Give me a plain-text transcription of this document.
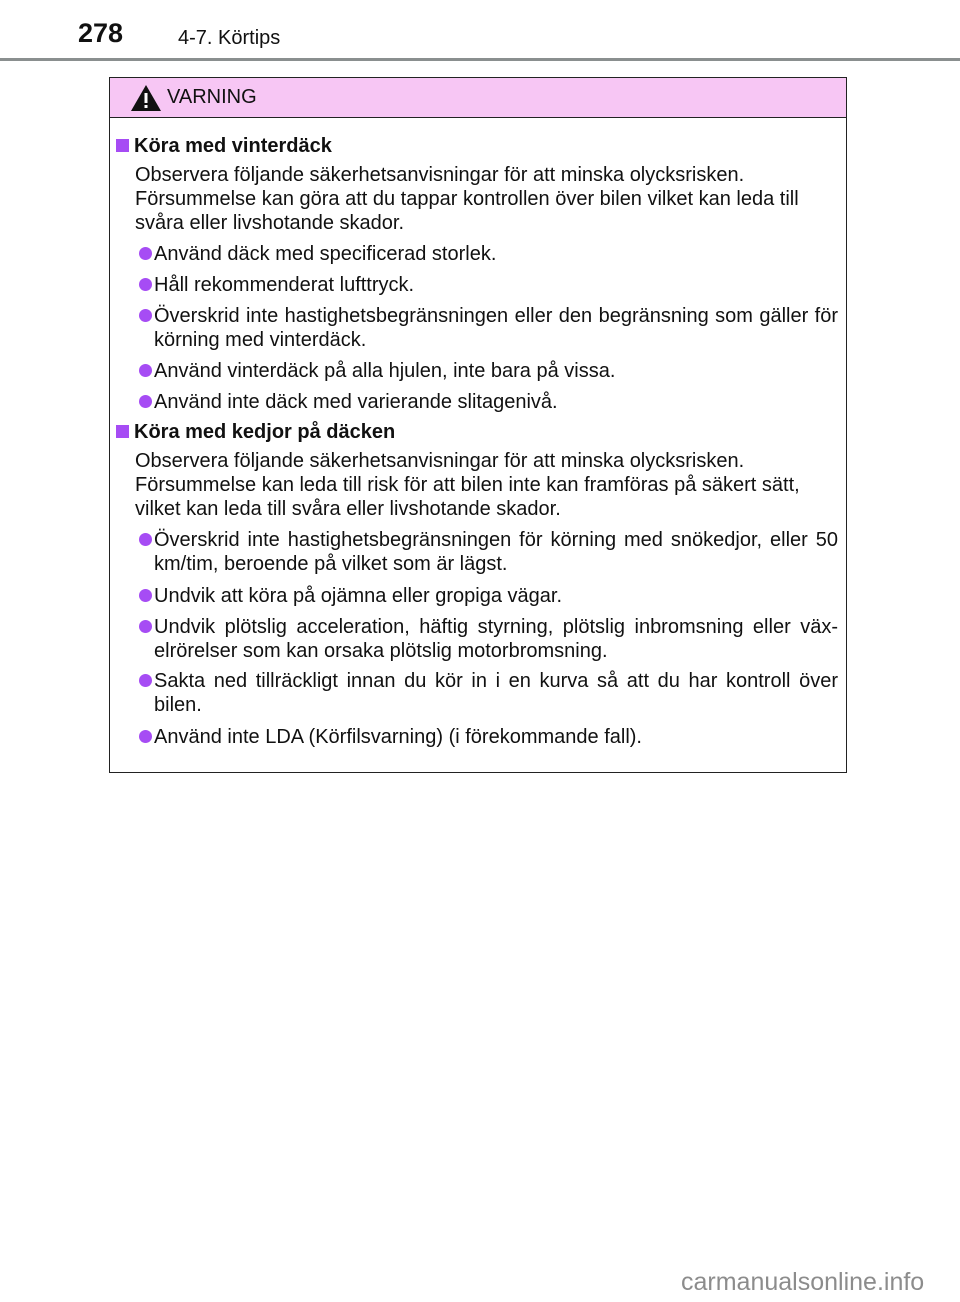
278	4-7. Körtips
VARNING
Köra med vinterdäck
Observera följande säkerhetsanvisningar för att minska olycksrisken. Försummelse kan göra att du tappar kontrollen över bilen vilket kan leda till svåra eller livshotande skador.
Använd däck med specificerad storlek.
Håll rekommenderat lufttryck.
Överskrid inte hastighetsbegränsningen eller den begränsning som gäller för körning med vinterdäck.
Använd vinterdäck på alla hjulen, inte bara på vissa.
Använd inte däck med varierande slitagenivå.
Köra med kedjor på däcken
Observera följande säkerhetsanvisningar för att minska olycksrisken. Försummelse kan leda till risk för att bilen inte kan framföras på säkert sätt, vilket kan leda till svåra eller livshotande skador.
Överskrid inte hastighetsbegränsningen för körning med snökedjor, eller 50 km/tim, beroende på vilket som är lägst.
Undvik att köra på ojämna eller gropiga vägar.
Undvik plötslig acceleration, häftig styrning, plötslig inbromsning eller väx-elrörelser som kan orsaka plötslig motorbromsning.
Sakta ned tillräckligt innan du kör in i en kurva så att du har kontroll över bilen.
Använd inte LDA (Körfilsvarning) (i förekommande fall).
carmanualsonline.info
